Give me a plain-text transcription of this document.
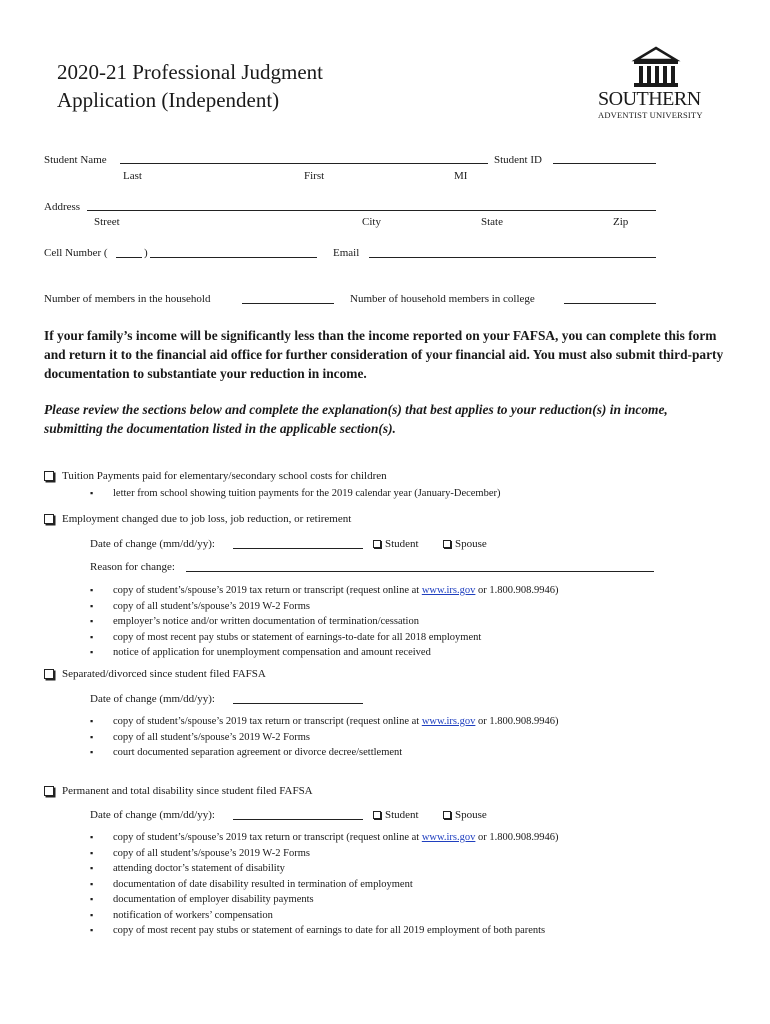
2020-21 Professional Judgment
Application (Independent)	SOUTHERN
ADVENTIST UNIVERSITY
Student Name	Student ID
Last	First	MI
Address
Street	City	State	Zip
Cell Number (	)	Email
Number of members in the household	Number of household members in college
If your family’s income will be significantly less than the income reported on your FAFSA, you can complete this form and return it to the financial aid office for further consideration of your financial aid. You must also submit third-party documentation to substantiate your reduction in income.
Please review the sections below and complete the explanation(s) that best applies to your reduction(s) in income, submitting the documentation listed in the applicable section(s).
Tuition Payments paid for elementary/secondary school costs for children
▪ letter from school showing tuition payments for the 2019 calendar year (January-December)
Employment changed due to job loss, job reduction, or retirement
Date of change (mm/dd/yy):	Student	Spouse
Reason for change:
▪ copy of student’s/spouse’s 2019 tax return or transcript (request online at www.irs.gov or 1.800.908.9946)
▪ copy of all student’s/spouse’s 2019 W-2 Forms
▪ employer’s notice and/or written documentation of termination/cessation
▪ copy of most recent pay stubs or statement of earnings-to-date for all 2018 employment
▪ notice of application for unemployment compensation and amount received
Separated/divorced since student filed FAFSA
Date of change (mm/dd/yy):
▪ copy of student’s/spouse’s 2019 tax return or transcript (request online at www.irs.gov or 1.800.908.9946)
▪ copy of all student’s/spouse’s 2019 W-2 Forms
▪ court documented separation agreement or divorce decree/settlement
Permanent and total disability since student filed FAFSA
Date of change (mm/dd/yy):	Student	Spouse
▪ copy of student’s/spouse’s 2019 tax return or transcript (request online at www.irs.gov or 1.800.908.9946)
▪ copy of all student’s/spouse’s 2019 W-2 Forms
▪ attending doctor’s statement of disability
▪ documentation of date disability resulted in termination of employment
▪ documentation of employer disability payments
▪ notification of workers’ compensation
▪ copy of most recent pay stubs or statement of earnings to date for all 2019 employment of both parents
